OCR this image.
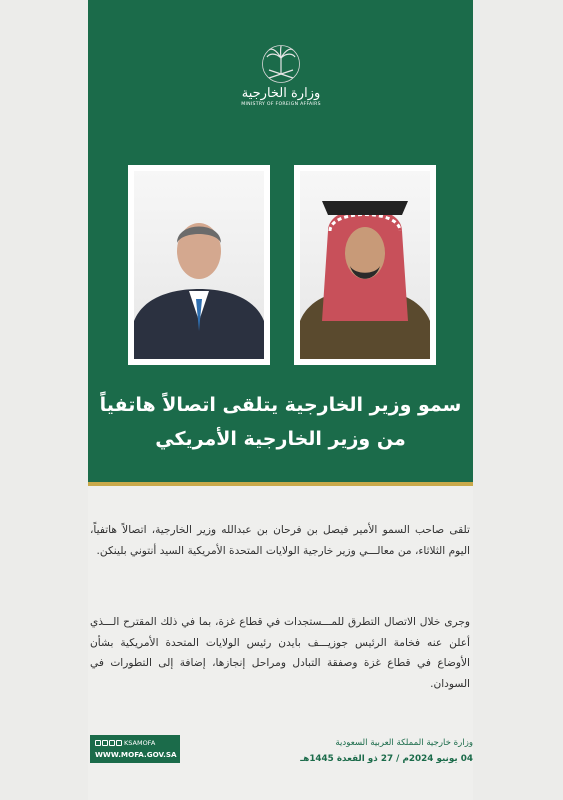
وزارة الخارجية
MINISTRY OF FOREIGN AFFAIRS
سمو وزير الخارجية يتلقى اتصالاً هاتفياً
من وزير الخارجية الأمريكي
تلقى صاحب السمو الأمير فيصل بن فرحان بن عبدالله وزير الخارجية، اتصالاً هاتفياً، اليوم الثلاثاء، من معالـــي وزير خارجية الولايات المتحدة الأمريكية السيد أنتوني بلينكن.
وجرى خلال الاتصال التطرق للمـــستجدات في قطاع غزة، بما في ذلك المقترح الـــذي أعلن عنه فخامة الرئيس جوزيـــف بايدن رئيس الولايات المتحدة الأمريكية بشأن الأوضاع في قطاع غزة وصفقة التبادل ومراحل إنجازها، إضافة إلى التطورات في السودان.
KSAMOFA
WWW.MOFA.GOV.SA
وزارة خارجية المملكة العربية السعودية
04 يونيو 2024م / 27 ذو القعدة 1445هـ
